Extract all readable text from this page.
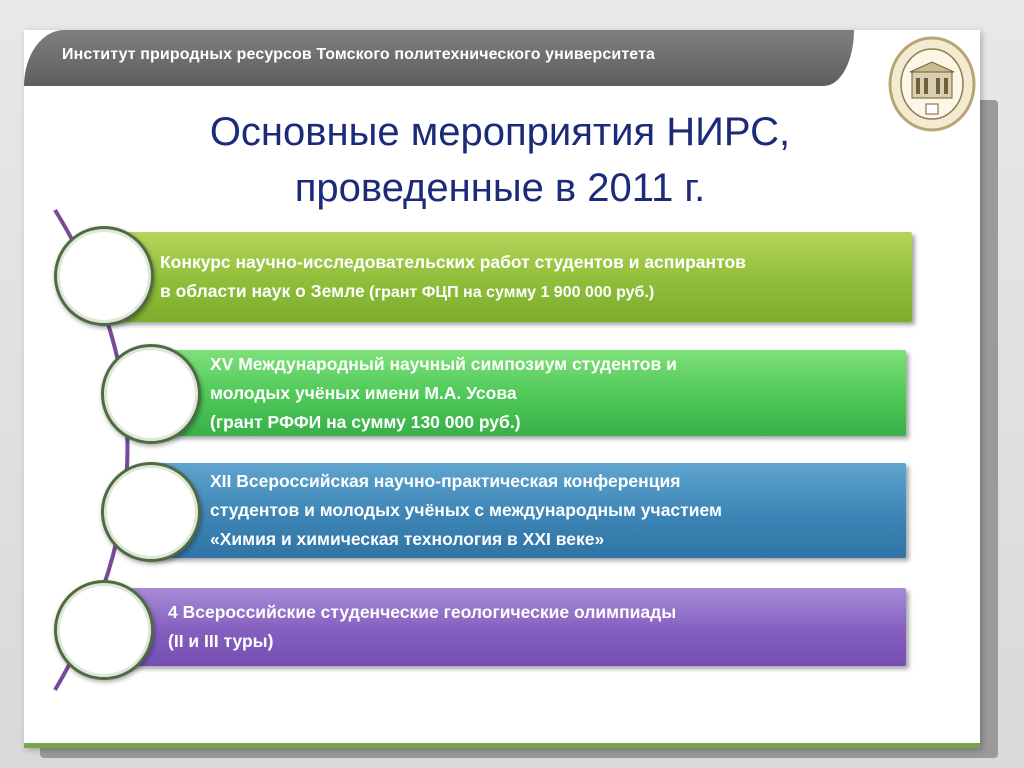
Институт природных ресурсов Томского политехнического университета
Основные мероприятия НИРС,
проведенные в 2011 г.
Конкурс научно-исследовательских работ студентов и аспирантов
в области наук о Земле (грант ФЦП на сумму 1 900 000 руб.)
XV Международный научный симпозиум студентов и
молодых учёных имени М.А. Усова
(грант РФФИ на сумму 130 000 руб.)
XII Всероссийская научно-практическая конференция
студентов и молодых учёных с международным участием
«Химия и химическая технология в XXI веке»
4 Всероссийские студенческие геологические олимпиады
(II и III туры)
